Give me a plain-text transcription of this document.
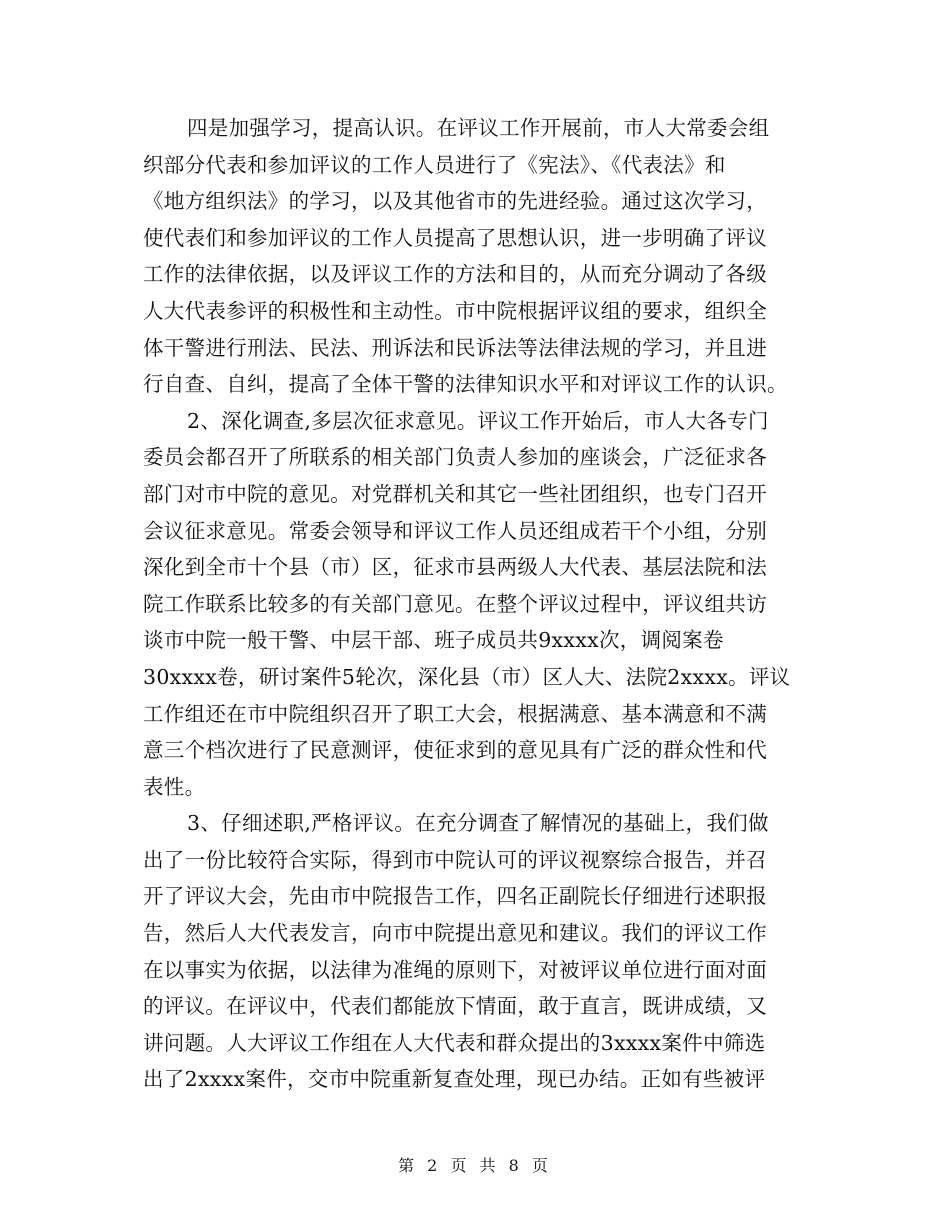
四是加强学习，提高认识。在评议工作开展前，市人大常委会组
织部分代表和参加评议的工作人员进行了《宪法》、《代表法》和
《地方组织法》的学习，以及其他省市的先进经验。通过这次学习，
使代表们和参加评议的工作人员提高了思想认识，进一步明确了评议
工作的法律依据，以及评议工作的方法和目的，从而充分调动了各级
人大代表参评的积极性和主动性。市中院根据评议组的要求，组织全
体干警进行刑法、民法、刑诉法和民诉法等法律法规的学习，并且进
行自查、自纠，提高了全体干警的法律知识水平和对评议工作的认识。
2、深化调查,多层次征求意见。评议工作开始后，市人大各专门
委员会都召开了所联系的相关部门负责人参加的座谈会，广泛征求各
部门对市中院的意见。对党群机关和其它一些社团组织，也专门召开
会议征求意见。常委会领导和评议工作人员还组成若干个小组，分别
深化到全市十个县（市）区，征求市县两级人大代表、基层法院和法
院工作联系比较多的有关部门意见。在整个评议过程中，评议组共访
谈市中院一般干警、中层干部、班子成员共9xxxx次，调阅案卷
30xxxx卷，研讨案件5轮次，深化县（市）区人大、法院2xxxx。评议
工作组还在市中院组织召开了职工大会，根据满意、基本满意和不满
意三个档次进行了民意测评，使征求到的意见具有广泛的群众性和代
表性。
3、仔细述职,严格评议。在充分调查了解情况的基础上，我们做
出了一份比较符合实际，得到市中院认可的评议视察综合报告，并召
开了评议大会，先由市中院报告工作，四名正副院长仔细进行述职报
告，然后人大代表发言，向市中院提出意见和建议。我们的评议工作
在以事实为依据，以法律为准绳的原则下，对被评议单位进行面对面
的评议。在评议中，代表们都能放下情面，敢于直言，既讲成绩，又
讲问题。人大评议工作组在人大代表和群众提出的3xxxx案件中筛选
出了2xxxx案件，交市中院重新复查处理，现已办结。正如有些被评
第 2 页 共 8 页
